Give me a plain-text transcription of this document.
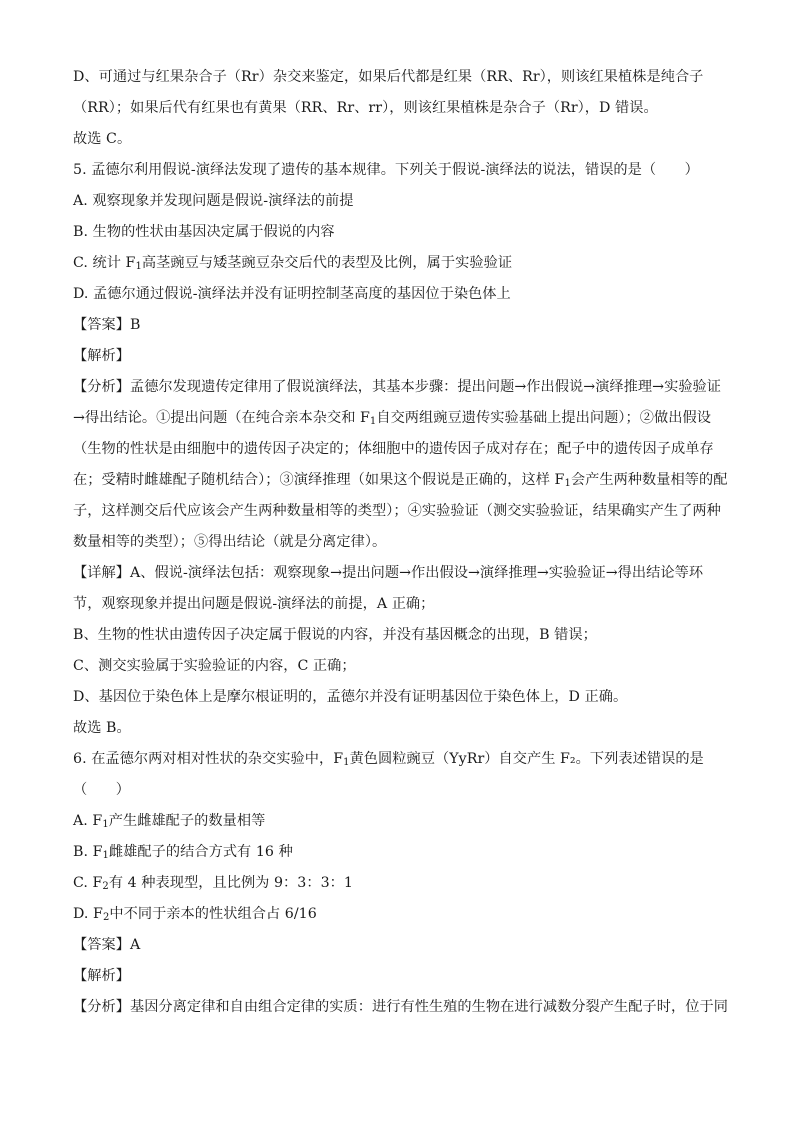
D、可通过与红果杂合子（Rr）杂交来鉴定，如果后代都是红果（RR、Rr），则该红果植株是纯合子
（RR）；如果后代有红果也有黄果（RR、Rr、rr），则该红果植株是杂合子（Rr），D 错误。
故选 C。
5. 孟德尔利用假说-演绎法发现了遗传的基本规律。下列关于假说-演绎法的说法，错误的是（　　）
A. 观察现象并发现问题是假说-演绎法的前提
B. 生物的性状由基因决定属于假说的内容
C. 统计 $F_1$高茎豌豆与矮茎豌豆杂交后代的表型及比例，属于实验验证
D. 孟德尔通过假说-演绎法并没有证明控制茎高度的基因位于染色体上
【答案】B
【解析】
【分析】孟德尔发现遗传定律用了假说演绎法，其基本步骤：提出问题→作出假说→演绎推理→实验验证
→得出结论。①提出问题（在纯合亲本杂交和 $F_1$自交两组豌豆遗传实验基础上提出问题）；②做出假设
（生物的性状是由细胞中的遗传因子决定的；体细胞中的遗传因子成对存在；配子中的遗传因子成单存
在；受精时雌雄配子随机结合）；③演绎推理（如果这个假说是正确的，这样 $F_1$会产生两种数量相等的配
子，这样测交后代应该会产生两种数量相等的类型）；④实验验证（测交实验验证，结果确实产生了两种
数量相等的类型）；⑤得出结论（就是分离定律）。
【详解】A、假说-演绎法包括：观察现象→提出问题→作出假设→演绎推理→实验验证→得出结论等环
节，观察现象并提出问题是假说-演绎法的前提，A 正确；
B、生物的性状由遗传因子决定属于假说的内容，并没有基因概念的出现，B 错误；
C、测交实验属于实验验证的内容，C 正确；
D、基因位于染色体上是摩尔根证明的，孟德尔并没有证明基因位于染色体上，D 正确。
故选 B。
6. 在孟德尔两对相对性状的杂交实验中，$F_1$黄色圆粒豌豆（YyRr）自交产生 F₂。下列表述错误的是
（　　）
A. $F_1$产生雌雄配子的数量相等
B. $F_1$雌雄配子的结合方式有 16 种
C. $F_2$有 4 种表现型，且比例为 9：3：3：1
D. $F_2$中不同于亲本的性状组合占 6/16
【答案】A
【解析】
【分析】基因分离定律和自由组合定律的实质：进行有性生殖的生物在进行减数分裂产生配子时，位于同
